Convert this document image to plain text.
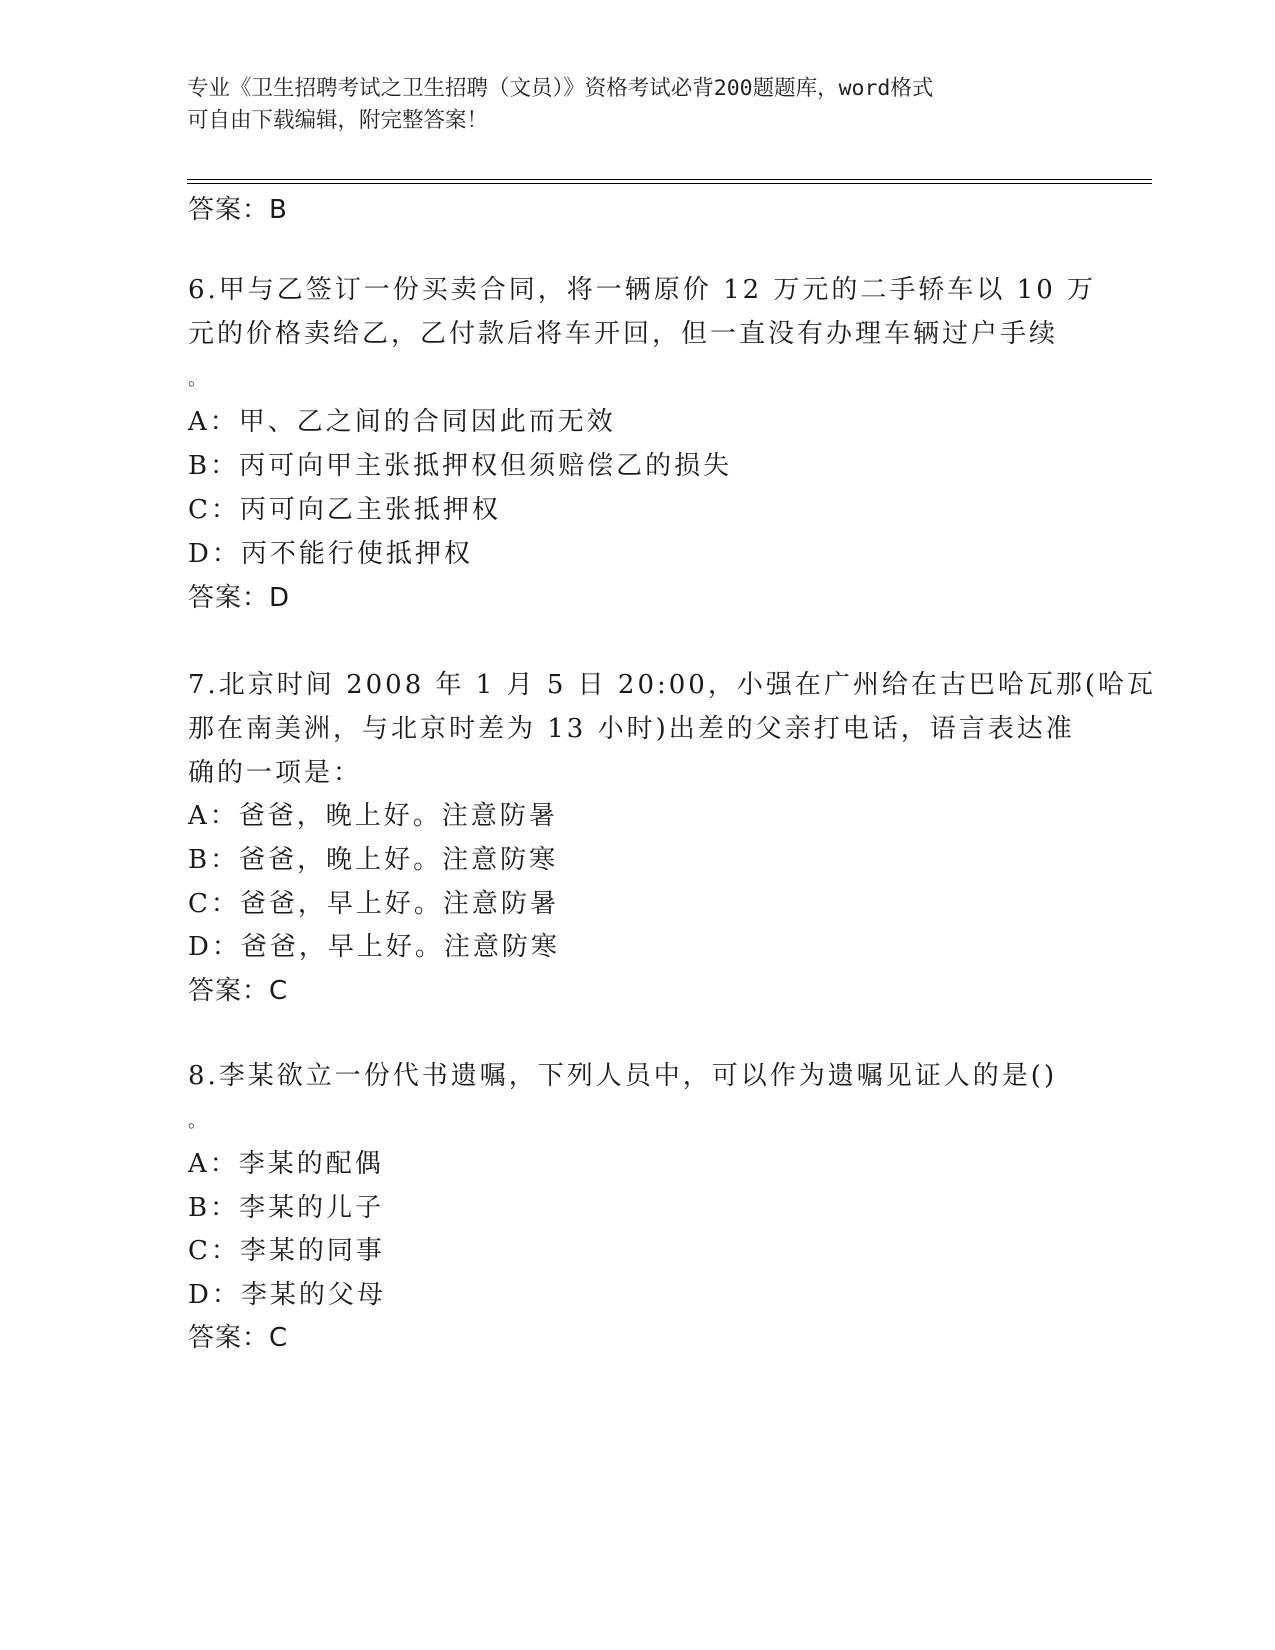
专业《卫生招聘考试之卫生招聘（文员）》资格考试必背200题题库，word格式
可自由下载编辑，附完整答案！
答案：B
6.甲与乙签订一份买卖合同，将一辆原价 12 万元的二手轿车以 10 万
元的价格卖给乙，乙付款后将车开回，但一直没有办理车辆过户手续
。
A：甲、乙之间的合同因此而无效
B：丙可向甲主张抵押权但须赔偿乙的损失
C：丙可向乙主张抵押权
D：丙不能行使抵押权
答案：D
7.北京时间 2008 年 1 月 5 日 20:00，小强在广州给在古巴哈瓦那(哈瓦
那在南美洲，与北京时差为 13 小时)出差的父亲打电话，语言表达准
确的一项是：
A：爸爸，晚上好。注意防暑
B：爸爸，晚上好。注意防寒
C：爸爸，早上好。注意防暑
D：爸爸，早上好。注意防寒
答案：C
8.李某欲立一份代书遗嘱，下列人员中，可以作为遗嘱见证人的是()
。
A：李某的配偶
B：李某的儿子
C：李某的同事
D：李某的父母
答案：C
